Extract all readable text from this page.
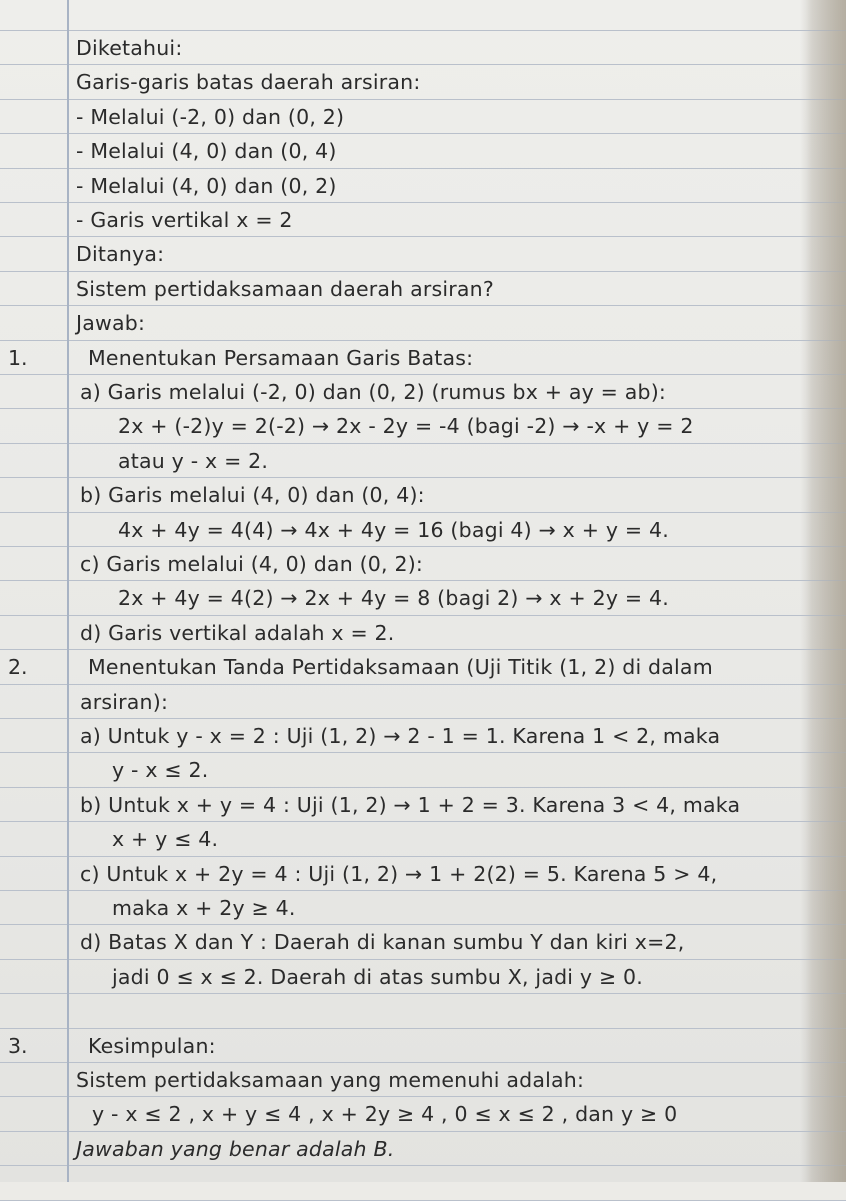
Diketahui:
Garis-garis batas daerah arsiran:
- Melalui (-2, 0) dan (0, 2)
- Melalui (4, 0) dan (0, 4)
- Melalui (4, 0) dan (0, 2)
- Garis vertikal x = 2
Ditanya:
Sistem pertidaksamaan daerah arsiran?
Jawab:
Menentukan Persamaan Garis Batas:
1.
a) Garis melalui (-2, 0) dan (0, 2) (rumus bx + ay = ab):
2x + (-2)y = 2(-2) → 2x - 2y = -4 (bagi -2) → -x + y = 2
atau y - x = 2.
b) Garis melalui (4, 0) dan (0, 4):
4x + 4y = 4(4) → 4x + 4y = 16 (bagi 4) → x + y = 4.
c) Garis melalui (4, 0) dan (0, 2):
2x + 4y = 4(2) → 2x + 4y = 8 (bagi 2) → x + 2y = 4.
d) Garis vertikal adalah x = 2.
Menentukan Tanda Pertidaksamaan (Uji Titik (1, 2) di dalam
2.
arsiran):
a) Untuk y - x = 2 : Uji (1, 2) → 2 - 1 = 1. Karena 1 < 2, maka
y - x ≤ 2.
b) Untuk x + y = 4 : Uji (1, 2) → 1 + 2 = 3. Karena 3 < 4, maka
x + y ≤ 4.
c) Untuk x + 2y = 4 : Uji (1, 2) → 1 + 2(2) = 5. Karena 5 > 4,
maka x + 2y ≥ 4.
d) Batas X dan Y : Daerah di kanan sumbu Y dan kiri x=2,
jadi 0 ≤ x ≤ 2. Daerah di atas sumbu X, jadi y ≥ 0.
Kesimpulan:
3.
Sistem pertidaksamaan yang memenuhi adalah:
y - x ≤ 2 , x + y ≤ 4 , x + 2y ≥ 4 , 0 ≤ x ≤ 2 , dan y ≥ 0
Jawaban yang benar adalah B.
